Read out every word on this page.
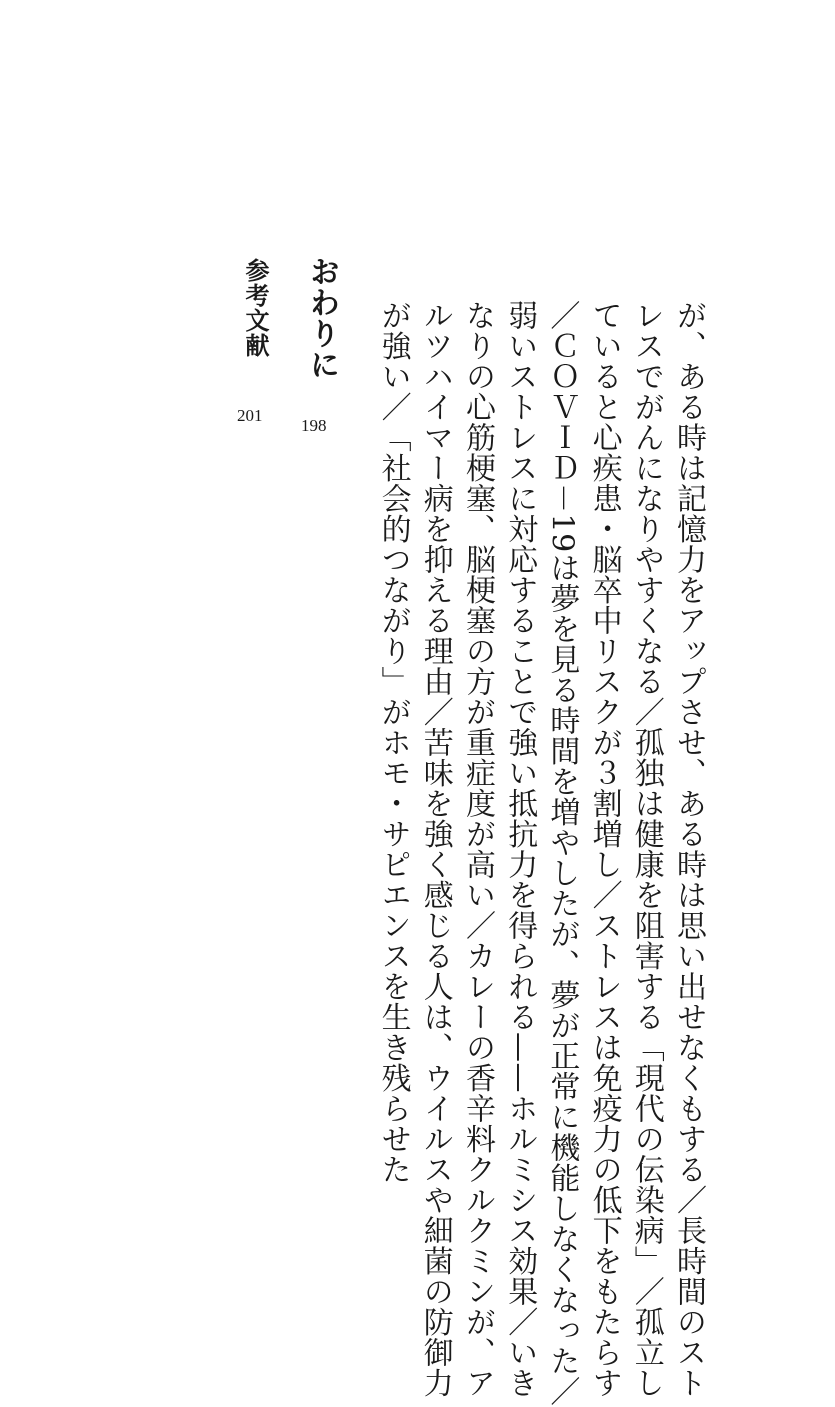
が、ある時は記憶力をアップさせ、ある時は思い出せなくもする／長時間のスト
レスでがんになりやすくなる／孤独は健康を阻害する「現代の伝染病」／孤立し
ていると心疾患・脳卒中リスクが３割増し／ストレスは免疫力の低下をもたらす
／ＣＯＶＩＤ－19は夢を見る時間を増やしたが、夢が正常に機能しなくなった／
弱いストレスに対応することで強い抵抗力を得られる——ホルミシス効果／いき
なりの心筋梗塞、脳梗塞の方が重症度が高い／カレーの香辛料クルクミンが、ア
ルツハイマー病を抑える理由／苦味を強く感じる人は、ウイルスや細菌の防御力
が強い／「社会的つながり」がホモ・サピエンスを生き残らせた
おわりに
198
参考文献
201
